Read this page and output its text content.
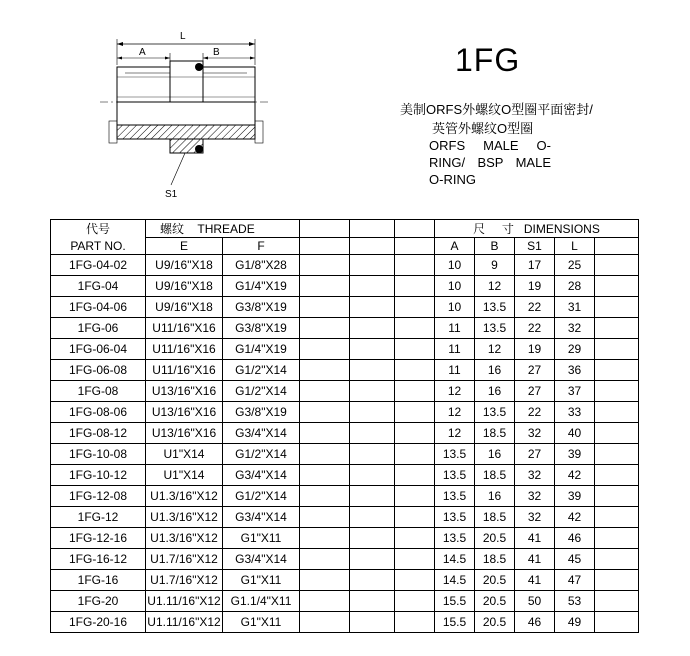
L
A	B
S1
1FG
美制ORFS外螺纹O型圈平面密封/
英管外螺纹O型圈
ORFS MALE O-RING/ BSP MALE O-RING
代号	螺纹 THREADE					尺 寸 DIMENSIONS				
PART NO.	E	F				A	B	S1	L	
1FG-04-02	U9/16"X18	G1/8"X28				10	9	17	25	
1FG-04	U9/16"X18	G1/4"X19				10	12	19	28	
1FG-04-06	U9/16"X18	G3/8"X19				10	13.5	22	31	
1FG-06	U11/16"X16	G3/8"X19				11	13.5	22	32	
1FG-06-04	U11/16"X16	G1/4"X19				11	12	19	29	
1FG-06-08	U11/16"X16	G1/2"X14				11	16	27	36	
1FG-08	U13/16"X16	G1/2"X14				12	16	27	37	
1FG-08-06	U13/16"X16	G3/8"X19				12	13.5	22	33	
1FG-08-12	U13/16"X16	G3/4"X14				12	18.5	32	40	
1FG-10-08	U1"X14	G1/2"X14				13.5	16	27	39	
1FG-10-12	U1"X14	G3/4"X14				13.5	18.5	32	42	
1FG-12-08	U1.3/16"X12	G1/2"X14				13.5	16	32	39	
1FG-12	U1.3/16"X12	G3/4"X14				13.5	18.5	32	42	
1FG-12-16	U1.3/16"X12	G1"X11				13.5	20.5	41	46	
1FG-16-12	U1.7/16"X12	G3/4"X14				14.5	18.5	41	45	
1FG-16	U1.7/16"X12	G1"X11				14.5	20.5	41	47	
1FG-20	U1.11/16"X12	G1.1/4"X11				15.5	20.5	50	53	
1FG-20-16	U1.11/16"X12	G1"X11				15.5	20.5	46	49	
